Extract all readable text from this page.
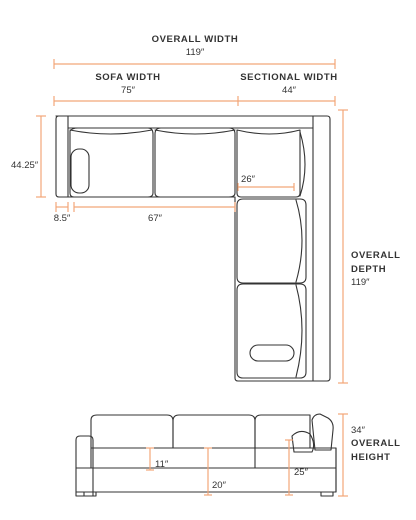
OVERALL WIDTH
119″
SOFA WIDTH
75″
SECTIONAL WIDTH
44″
44.25″
8.5″	67″
26″
OVERALL
DEPTH
119″
11″
20″
25″
34″
OVERALL
HEIGHT
